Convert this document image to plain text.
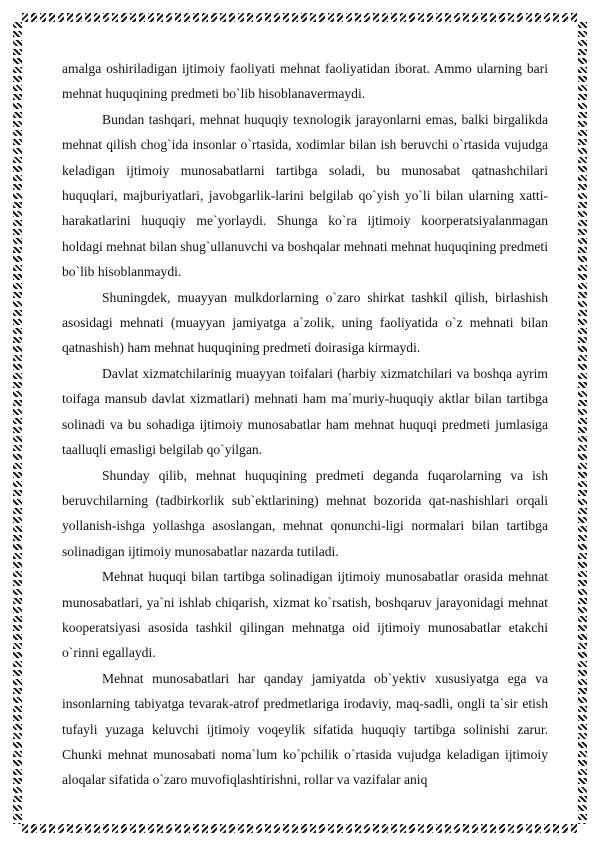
amalga oshiriladigan ijtimoiy faoliyati mehnat faoliyatidan iborat. Ammo ularning bari mehnat huquqining predmeti bo`lib hisoblanavermaydi.

Bundan tashqari, mehnat huquqiy texnologik jarayonlarni emas, balki birgalikda mehnat qilish chog`ida insonlar o`rtasida, xodimlar bilan ish beruvchi o`rtasida vujudga keladigan ijtimoiy munosabatlarni tartibga soladi, bu munosabat qatnashchilari huquqlari, majburiyatlari, javobgarlik-larini belgilab qo`yish yo`li bilan ularning xatti-harakatlarini huquqiy me`yorlaydi. Shunga ko`ra ijtimoiy koorperatsiyalanmagan holdagi mehnat bilan shug`ullanuvchi va boshqalar mehnati mehnat huquqining predmeti bo`lib hisoblanmaydi.

Shuningdek, muayyan mulkdorlarning o`zaro shirkat tashkil qilish, birlashish asosidagi mehnati (muayyan jamiyatga a`zolik, uning faoliyatida o`z mehnati bilan qatnashish) ham mehnat huquqining predmeti doirasiga kirmaydi.

Davlat xizmatchilarinig muayyan toifalari (harbiy xizmatchilari va boshqa ayrim toifaga mansub davlat xizmatlari) mehnati ham ma`muriy-huquqiy aktlar bilan tartibga solinadi va bu sohadiga ijtimoiy munosabatlar ham mehnat huquqi predmeti jumlasiga taalluqli emasligi belgilab qo`yilgan.

Shunday qilib, mehnat huquqining predmeti deganda fuqarolarning va ish beruvchilarning (tadbirkorlik sub`ektlarining) mehnat bozorida qat-nashishlari orqali yollanish-ishga yollashga asoslangan, mehnat qonunchi-ligi normalari bilan tartibga solinadigan ijtimoiy munosabatlar nazarda tutiladi.

Mehnat huquqi bilan tartibga solinadigan ijtimoiy munosabatlar orasida mehnat munosabatlari, ya`ni ishlab chiqarish, xizmat ko`rsatish, boshqaruv jarayonidagi mehnat kooperatsiyasi asosida tashkil qilingan mehnatga oid ijtimoiy munosabatlar etakchi o`rinni egallaydi.

Mehnat munosabatlari har qanday jamiyatda ob`yektiv xususiyatga ega va insonlarning tabiyatga tevarak-atrof predmetlariga irodaviy, maq-sadli, ongli ta`sir etish tufayli yuzaga keluvchi ijtimoiy voqeylik sifatida huquqiy tartibga solinishi zarur. Chunki mehnat munosabati noma`lum ko`pchilik o`rtasida vujudga keladigan ijtimoiy aloqalar sifatida o`zaro muvofiqlashtirishni, rollar va vazifalar aniq
